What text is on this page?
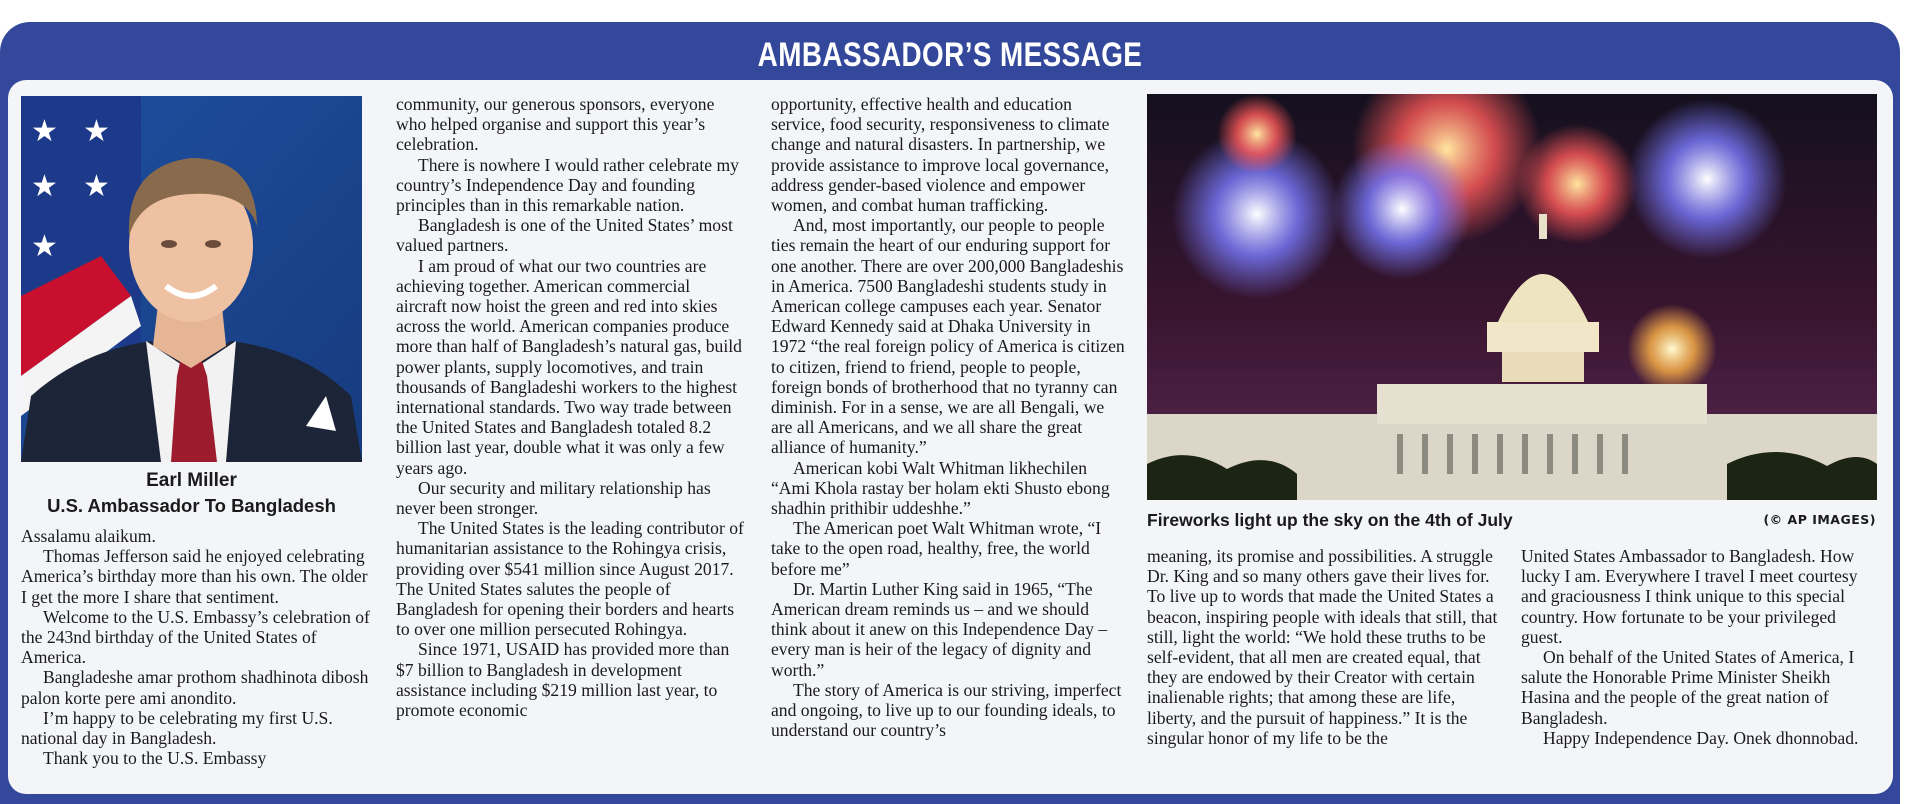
AMBASSADOR’S MESSAGE
★ ★
★ ★
★
Earl Miller
U.S. Ambassador To Bangladesh

Assalamu alaikum.

Thomas Jefferson said he enjoyed celebrating America’s birthday more than his own. The older I get the more I share that sentiment.

Welcome to the U.S. Embassy’s celebration of the 243nd birthday of the United States of America.

Bangladeshe amar prothom shadhinota dibosh palon korte pere ami anondito.

I’m happy to be celebrating my first U.S. national day in Bangladesh.

Thank you to the U.S. Embassy

community, our generous sponsors, everyone who helped organise and support this year’s celebration.

There is nowhere I would rather celebrate my country’s Independence Day and founding principles than in this remarkable nation.

Bangladesh is one of the United States’ most valued partners.

I am proud of what our two countries are achieving together. American commercial aircraft now hoist the green and red into skies across the world. American companies produce more than half of Bangladesh’s natural gas, build power plants, supply locomotives, and train thousands of Bangladeshi workers to the highest international standards. Two way trade between the United States and Bangladesh totaled 8.2 billion last year, double what it was only a few years ago.

Our security and military relationship has never been stronger.

The United States is the leading contributor of humanitarian assistance to the Rohingya crisis, providing over $541 million since August 2017. The United States salutes the people of Bangladesh for opening their borders and hearts to over one million persecuted Rohingya.

Since 1971, USAID has provided more than $7 billion to Bangladesh in development assistance including $219 million last year, to promote economic

opportunity, effective health and education service, food security, responsiveness to climate change and natural disasters. In partnership, we provide assistance to improve local governance, address gender-based violence and empower women, and combat human trafficking.

And, most importantly, our people to people ties remain the heart of our enduring support for one another. There are over 200,000 Bangladeshis in America. 7500 Bangladeshi students study in American college campuses each year. Senator Edward Kennedy said at Dhaka University in 1972 “the real foreign policy of America is citizen to citizen, friend to friend, people to people, foreign bonds of brotherhood that no tyranny can diminish. For in a sense, we are all Bengali, we are all Americans, and we all share the great alliance of humanity.”

American kobi Walt Whitman likhechilen “Ami Khola rastay ber holam ekti Shusto ebong shadhin prithibir uddeshhe.”

The American poet Walt Whitman wrote, “I take to the open road, healthy, free, the world before me”

Dr. Martin Luther King said in 1965, “The American dream reminds us – and we should think about it anew on this Independence Day – every man is heir of the legacy of dignity and worth.”

The story of America is our striving, imperfect and ongoing, to live up to our founding ideals, to understand our country’s

Fireworks light up the sky on the 4th of July	(© AP IMAGES)

meaning, its promise and possibilities. A struggle Dr. King and so many others gave their lives for. To live up to words that made the United States a beacon, inspiring people with ideals that still, that still, light the world: “We hold these truths to be self-evident, that all men are created equal, that they are endowed by their Creator with certain inalienable rights; that among these are life, liberty, and the pursuit of happiness.” It is the singular honor of my life to be the

United States Ambassador to Bangladesh. How lucky I am. Everywhere I travel I meet courtesy and graciousness I think unique to this special country. How fortunate to be your privileged guest.

On behalf of the United States of America, I salute the Honorable Prime Minister Sheikh Hasina and the people of the great nation of Bangladesh.

Happy Independence Day. Onek dhonnobad.
